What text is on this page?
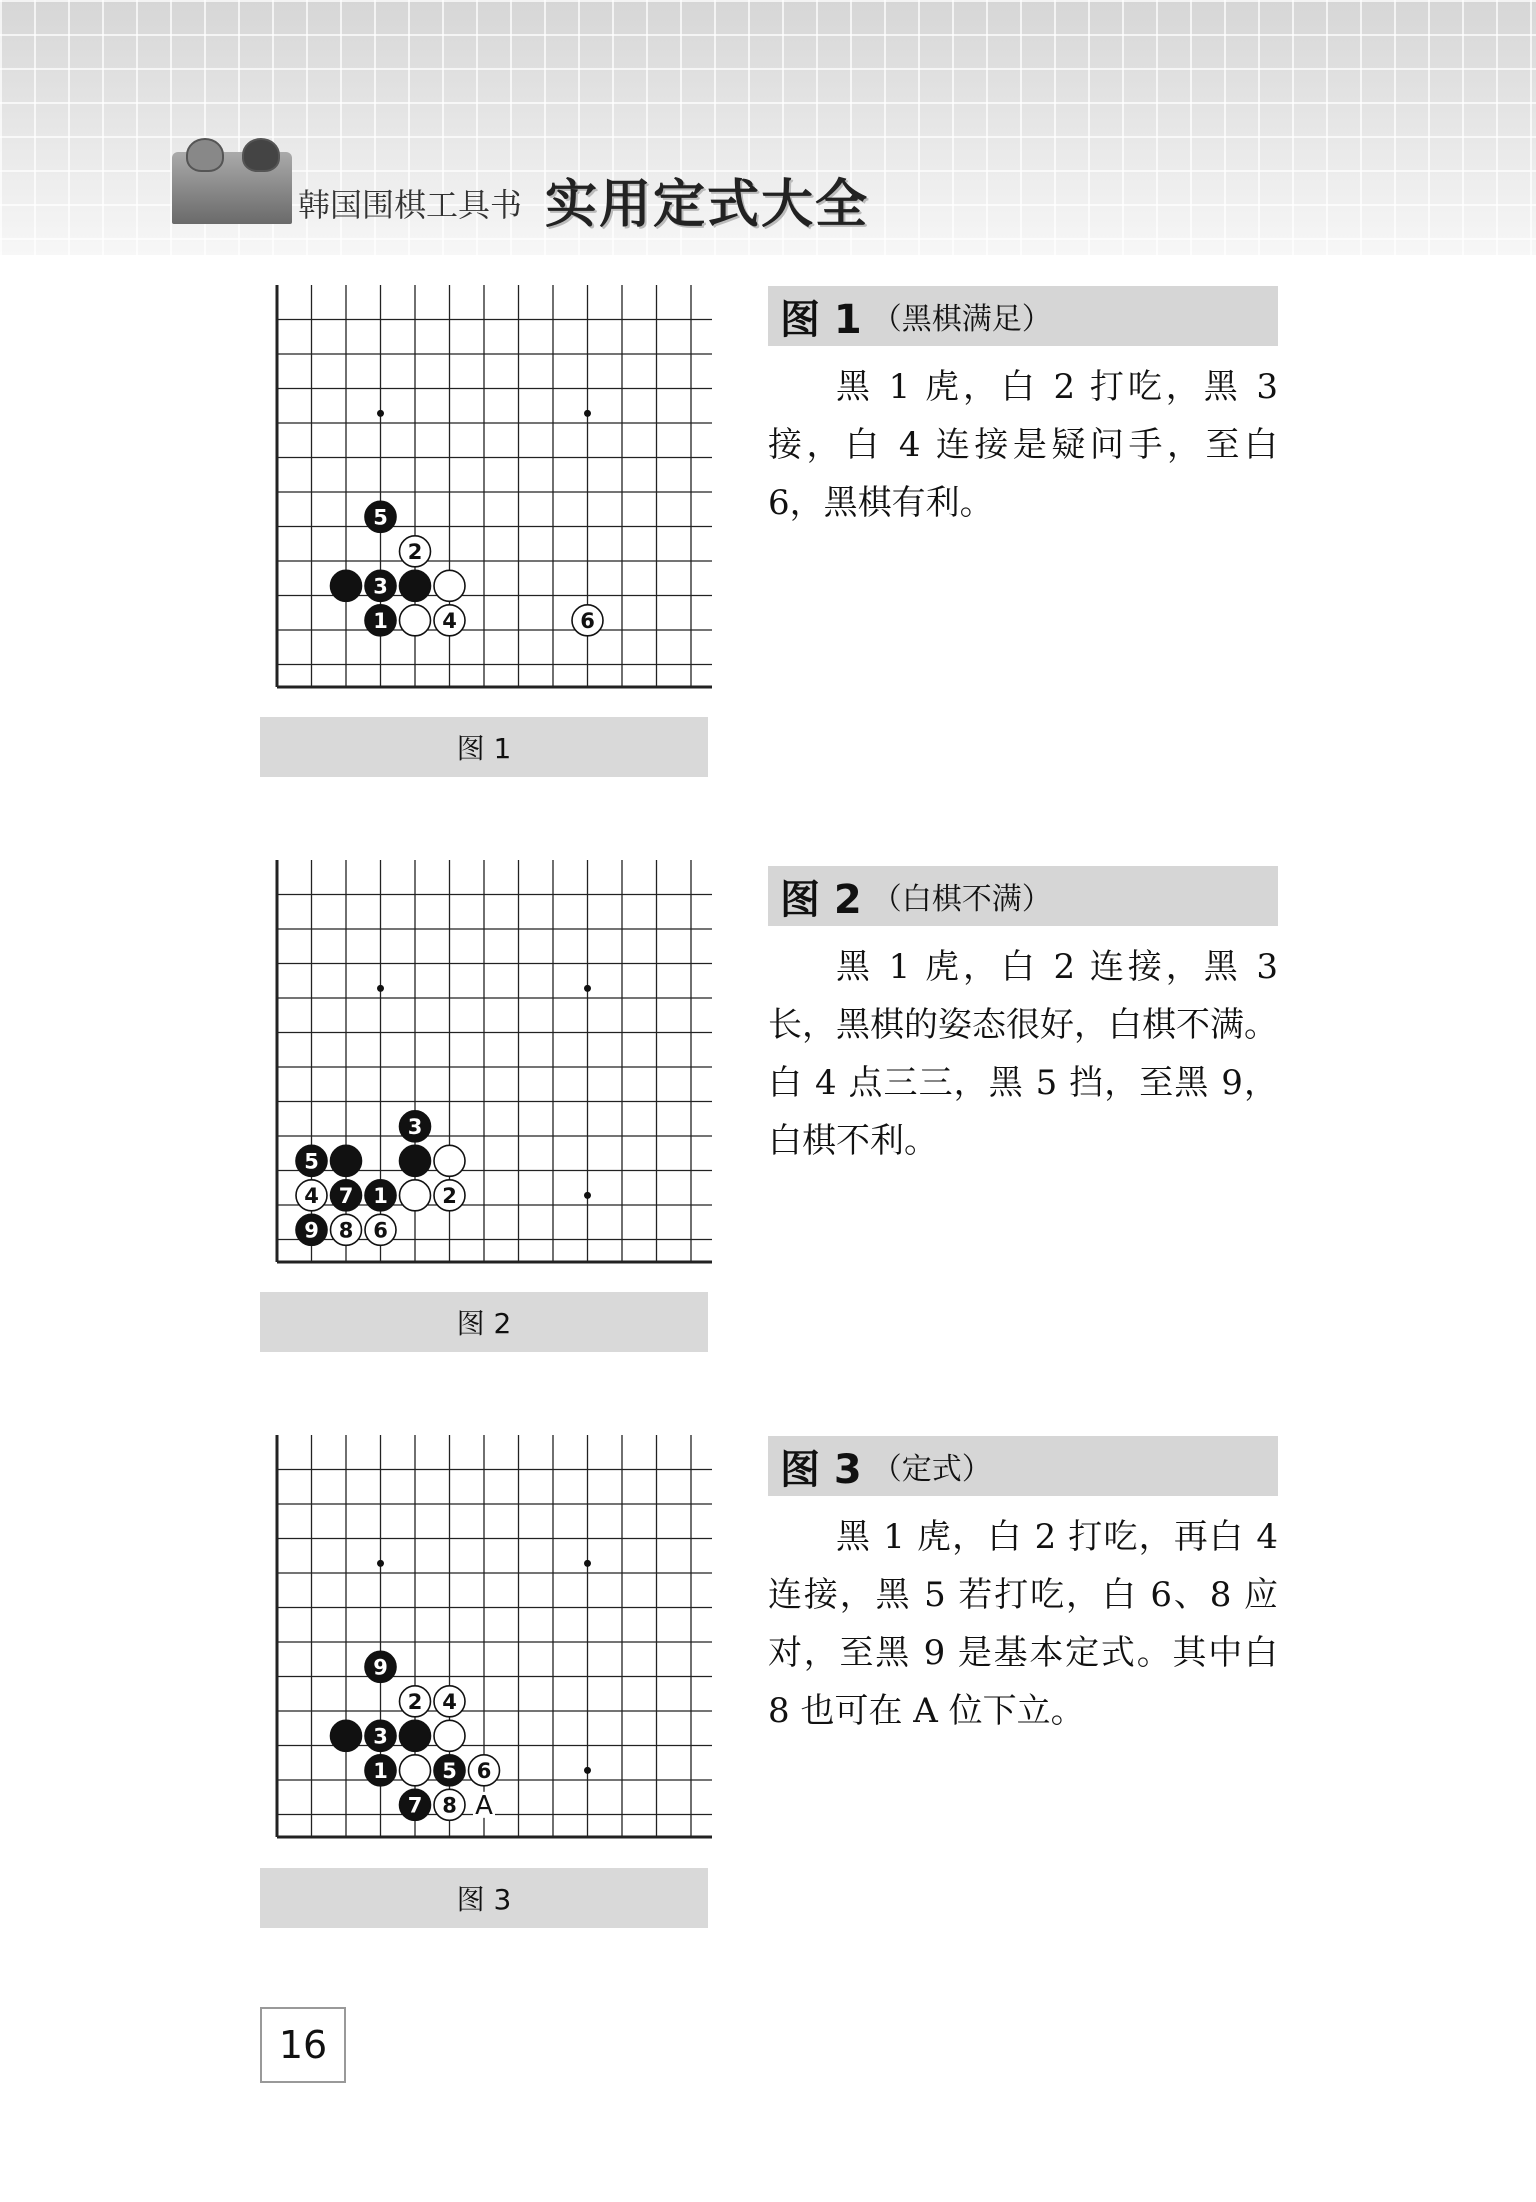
韩国围棋工具书 实用定式大全
5
2
3
1	4	6
图 1
图 1 （黑棋满足）

黑 1 虎，白 2 打吃，黑 3 接，白 4 连接是疑问手，至白 6，黑棋有利。

3
5
4 7 1	2
9 8 6
图 2
图 2 （白棋不满）

黑 1 虎，白 2 连接，黑 3 长，黑棋的姿态很好，白棋不满。白 4 点三三，黑 5 挡，至黑 9，白棋不利。

9
2 4
3
1	5 6
7 8 A
图 3
图 3 （定式）

黑 1 虎，白 2 打吃，再白 4 连接，黑 5 若打吃，白 6、8 应对，至黑 9 是基本定式。其中白 8 也可在 A 位下立。

16
